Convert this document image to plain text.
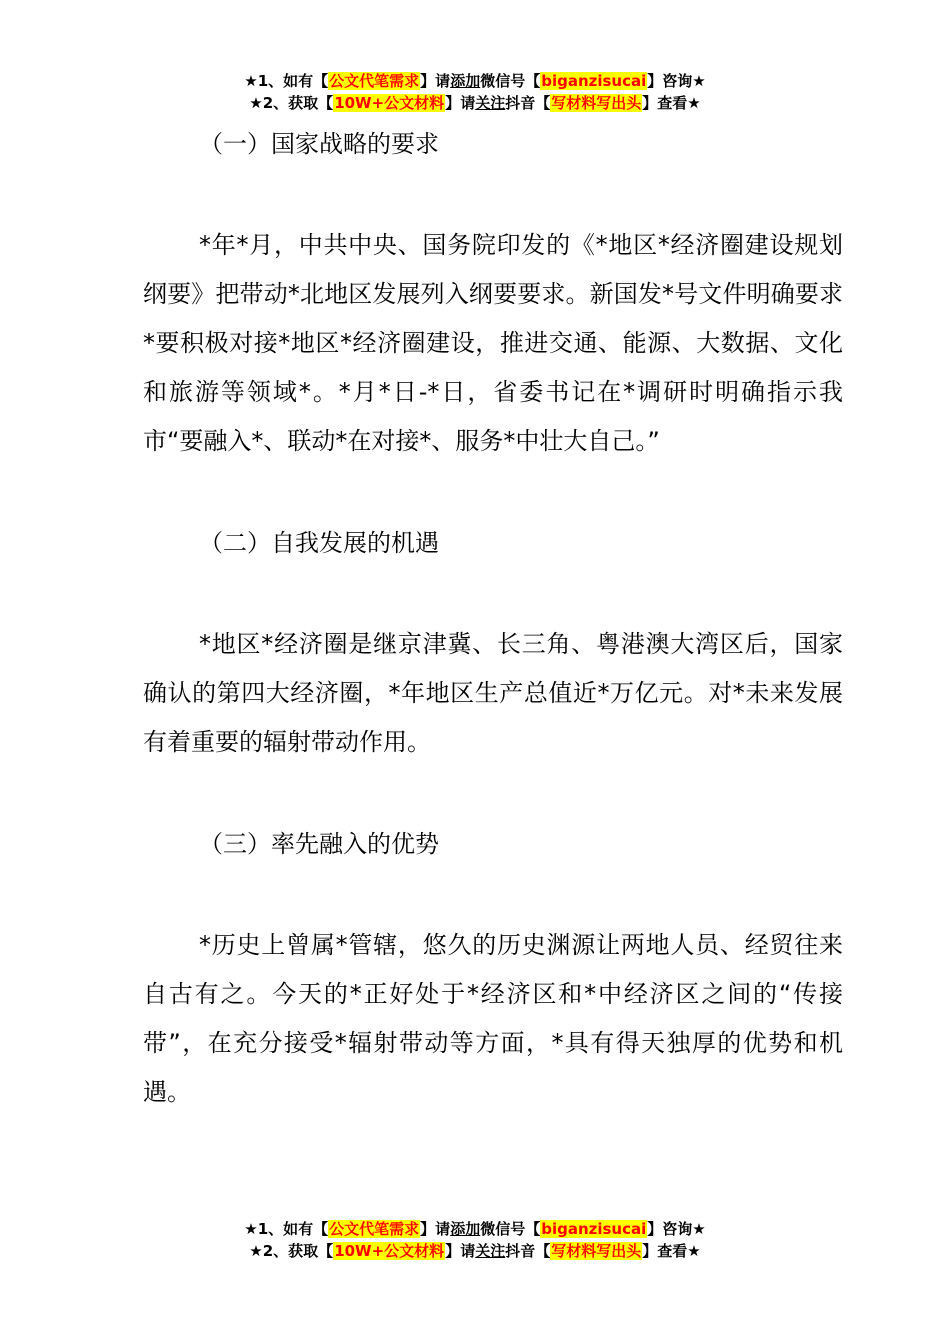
★1、如有【公文代笔需求】请添加微信号【biganzisucai】咨询★
★2、获取【10W+公文材料】请关注抖音【写材料写出头】查看★

（一）国家战略的要求

*年*月，中共中央、国务院印发的《*地区*经济圈建设规划纲要》把带动*北地区发展列入纲要要求。新国发*号文件明确要求*要积极对接*地区*经济圈建设，推进交通、能源、大数据、文化和旅游等领域*。*月*日-*日，省委书记在*调研时明确指示我市“要融入*、联动*在对接*、服务*中壮大自己。”

（二）自我发展的机遇

*地区*经济圈是继京津冀、长三角、粤港澳大湾区后，国家确认的第四大经济圈，*年地区生产总值近*万亿元。对*未来发展有着重要的辐射带动作用。

（三）率先融入的优势

*历史上曾属*管辖，悠久的历史渊源让两地人员、经贸往来自古有之。今天的*正好处于*经济区和*中经济区之间的“传接带”，在充分接受*辐射带动等方面，*具有得天独厚的优势和机遇。

★1、如有【公文代笔需求】请添加微信号【biganzisucai】咨询★
★2、获取【10W+公文材料】请关注抖音【写材料写出头】查看★
